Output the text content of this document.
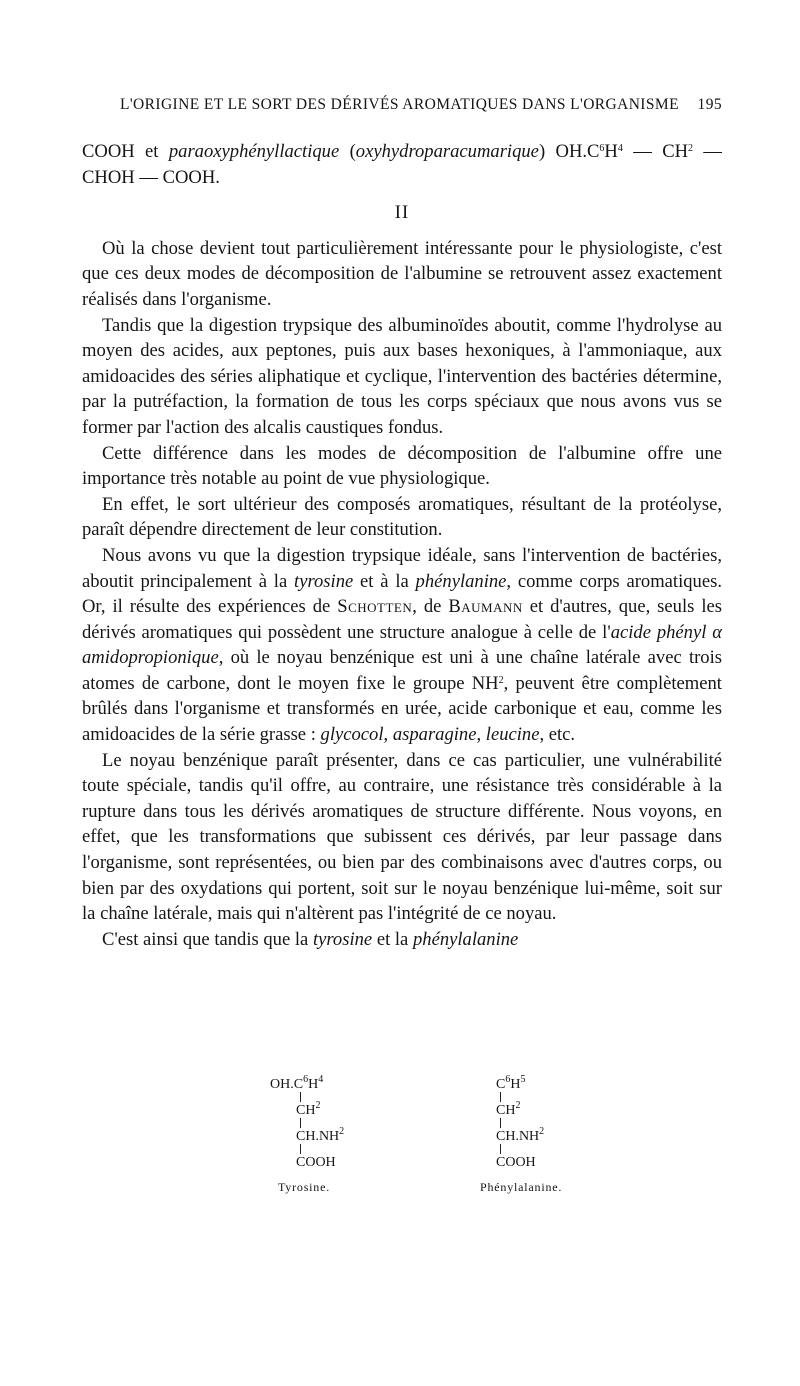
L'ORIGINE ET LE SORT DES DÉRIVÉS AROMATIQUES DANS L'ORGANISME 195

COOH et paraoxyphényllactique (oxyhydroparacumarique) $OH.C^6H^4$ — $CH^2$ — CHOH — COOH.

II

Où la chose devient tout particulièrement intéressante pour le physiologiste, c'est que ces deux modes de décomposition de l'albumine se retrouvent assez exactement réalisés dans l'organisme.

Tandis que la digestion trypsique des albuminoïdes aboutit, comme l'hydrolyse au moyen des acides, aux peptones, puis aux bases hexoniques, à l'ammoniaque, aux amidoacides des séries aliphatique et cyclique, l'intervention des bactéries détermine, par la putréfaction, la formation de tous les corps spéciaux que nous avons vus se former par l'action des alcalis caustiques fondus.

Cette différence dans les modes de décomposition de l'albumine offre une importance très notable au point de vue physiologique.

En effet, le sort ultérieur des composés aromatiques, résultant de la protéolyse, paraît dépendre directement de leur constitution.

Nous avons vu que la digestion trypsique idéale, sans l'intervention de bactéries, aboutit principalement à la tyrosine et à la phénylanine, comme corps aromatiques. Or, il résulte des expériences de Schotten, de Baumann et d'autres, que, seuls les dérivés aromatiques qui possèdent une structure analogue à celle de l'acide phényl α amidopropionique, où le noyau benzénique est uni à une chaîne latérale avec trois atomes de carbone, dont le moyen fixe le groupe $NH^2$, peuvent être complètement brûlés dans l'organisme et transformés en urée, acide carbonique et eau, comme les amidoacides de la série grasse : glycocol, asparagine, leucine, etc.

Le noyau benzénique paraît présenter, dans ce cas particulier, une vulnérabilité toute spéciale, tandis qu'il offre, au contraire, une résistance très considérable à la rupture dans tous les dérivés aromatiques de structure différente. Nous voyons, en effet, que les transformations que subissent ces dérivés, par leur passage dans l'organisme, sont représentées, ou bien par des combinaisons avec d'autres corps, ou bien par des oxydations qui portent, soit sur le noyau benzénique lui-même, soit sur la chaîne latérale, mais qui n'altèrent pas l'intégrité de ce noyau.

C'est ainsi que tandis que la tyrosine et la phénylalanine

$OH.C^6H^4$
$CH^2$
$CH.NH^2$
COOH
Tyrosine.
$C^6H^5$
$CH^2$
$CH.NH^2$
COOH
Phénylalanine.
